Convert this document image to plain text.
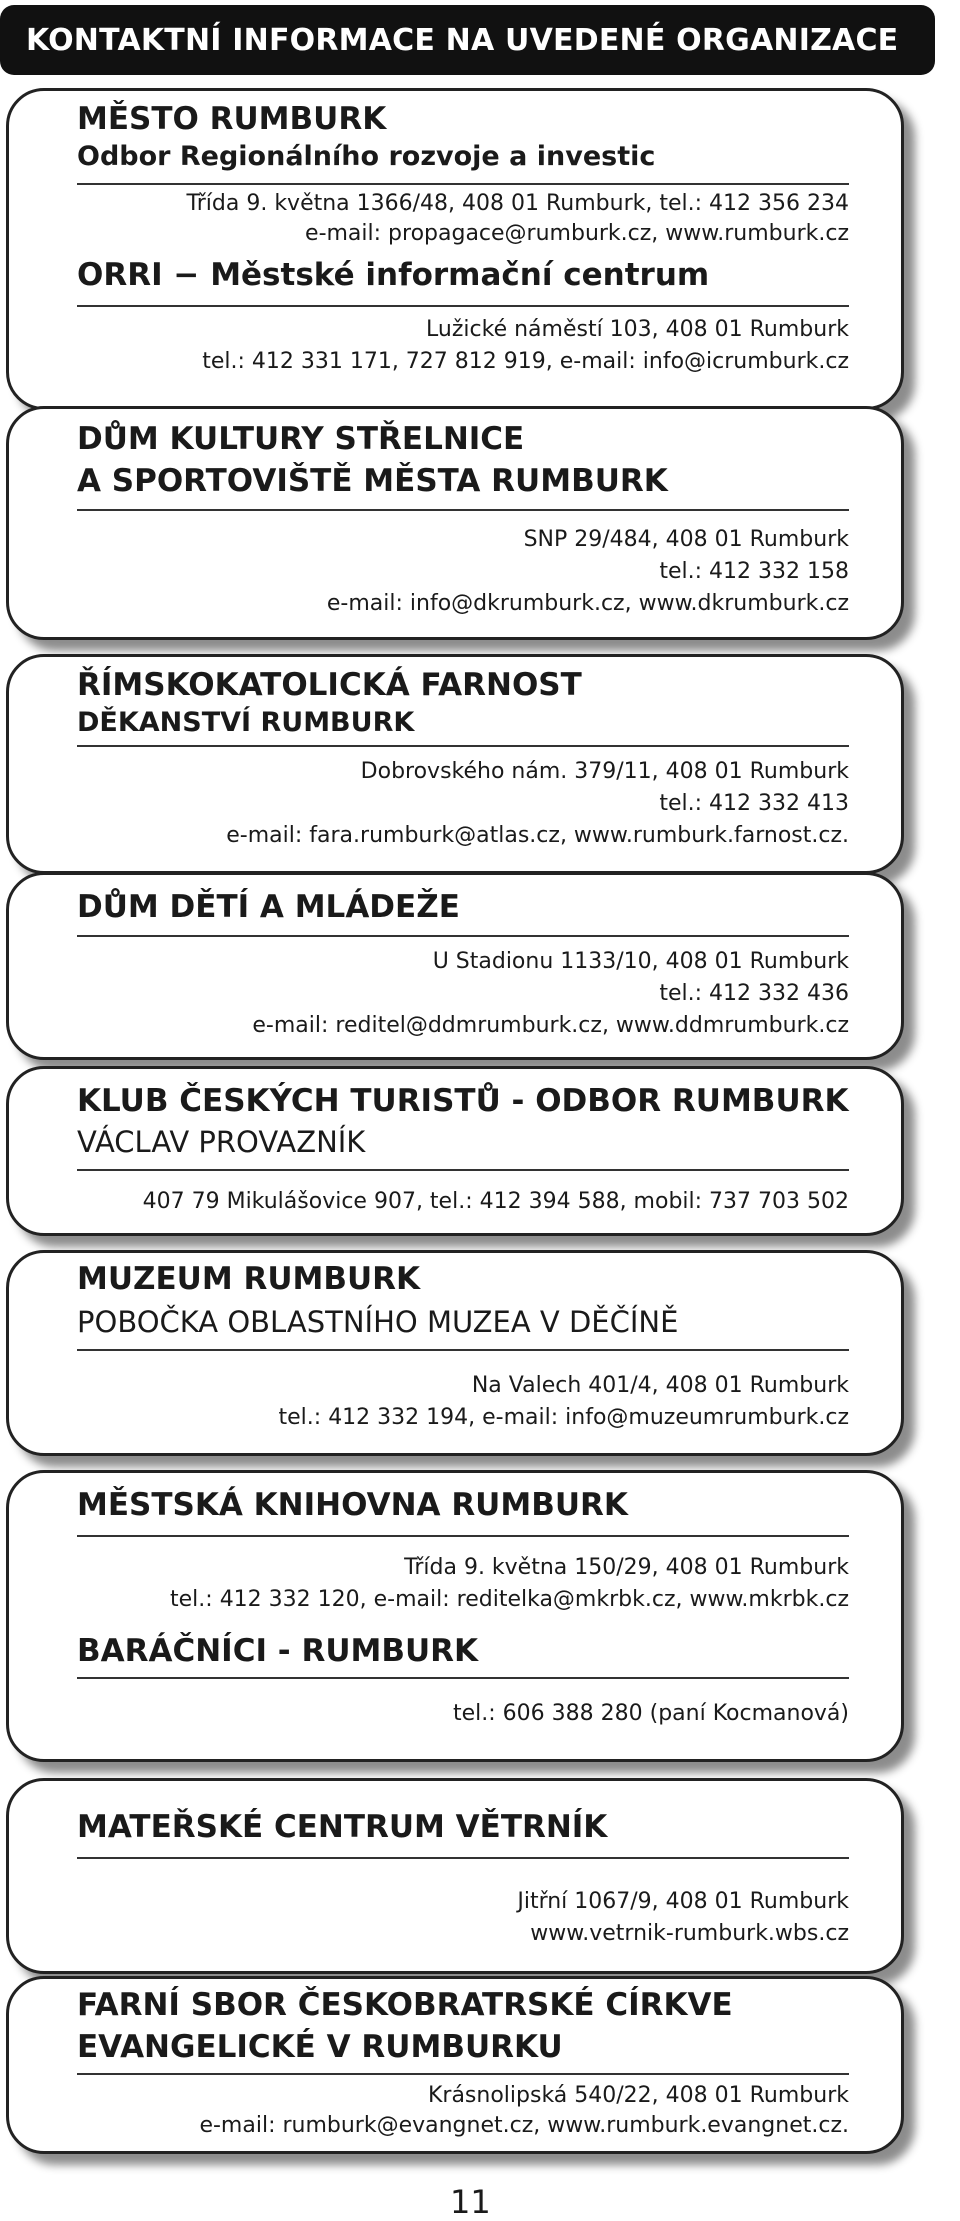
KONTAKTNÍ INFORMACE NA UVEDENÉ ORGANIZACE
MĚSTO RUMBURK
Odbor Regionálního rozvoje a investic
Třída 9. května 1366/48, 408 01 Rumburk, tel.: 412 356 234
e-mail: propagace@rumburk.cz, www.rumburk.cz
ORRI − Městské informační centrum
Lužické náměstí 103, 408 01 Rumburk
tel.: 412 331 171, 727 812 919, e-mail: info@icrumburk.cz
DŮM KULTURY STŘELNICE
A SPORTOVIŠTĚ MĚSTA RUMBURK
SNP 29/484, 408 01 Rumburk
tel.: 412 332 158
e-mail: info@dkrumburk.cz, www.dkrumburk.cz
ŘÍMSKOKATOLICKÁ FARNOST
DĚKANSTVÍ RUMBURK
Dobrovského nám. 379/11, 408 01 Rumburk
tel.: 412 332 413
e-mail: fara.rumburk@atlas.cz, www.rumburk.farnost.cz.
DŮM DĚTÍ A MLÁDEŽE
U Stadionu 1133/10, 408 01 Rumburk
tel.: 412 332 436
e-mail: reditel@ddmrumburk.cz, www.ddmrumburk.cz
KLUB ČESKÝCH TURISTŮ - ODBOR RUMBURK
VÁCLAV PROVAZNÍK
407 79 Mikulášovice 907, tel.: 412 394 588, mobil: 737 703 502
MUZEUM RUMBURK
POBOČKA OBLASTNÍHO MUZEA V DĚČÍNĚ
Na Valech 401/4, 408 01 Rumburk
tel.: 412 332 194, e-mail: info@muzeumrumburk.cz
MĚSTSKÁ KNIHOVNA RUMBURK
Třída 9. května 150/29, 408 01 Rumburk
tel.: 412 332 120, e-mail: reditelka@mkrbk.cz, www.mkrbk.cz
BARÁČNÍCI - RUMBURK
tel.: 606 388 280 (paní Kocmanová)
MATEŘSKÉ CENTRUM VĚTRNÍK
Jitřní 1067/9, 408 01 Rumburk
www.vetrnik-rumburk.wbs.cz
FARNÍ SBOR ČESKOBRATRSKÉ CÍRKVE
EVANGELICKÉ V RUMBURKU
Krásnolipská 540/22, 408 01 Rumburk
e-mail: rumburk@evangnet.cz, www.rumburk.evangnet.cz.
11
